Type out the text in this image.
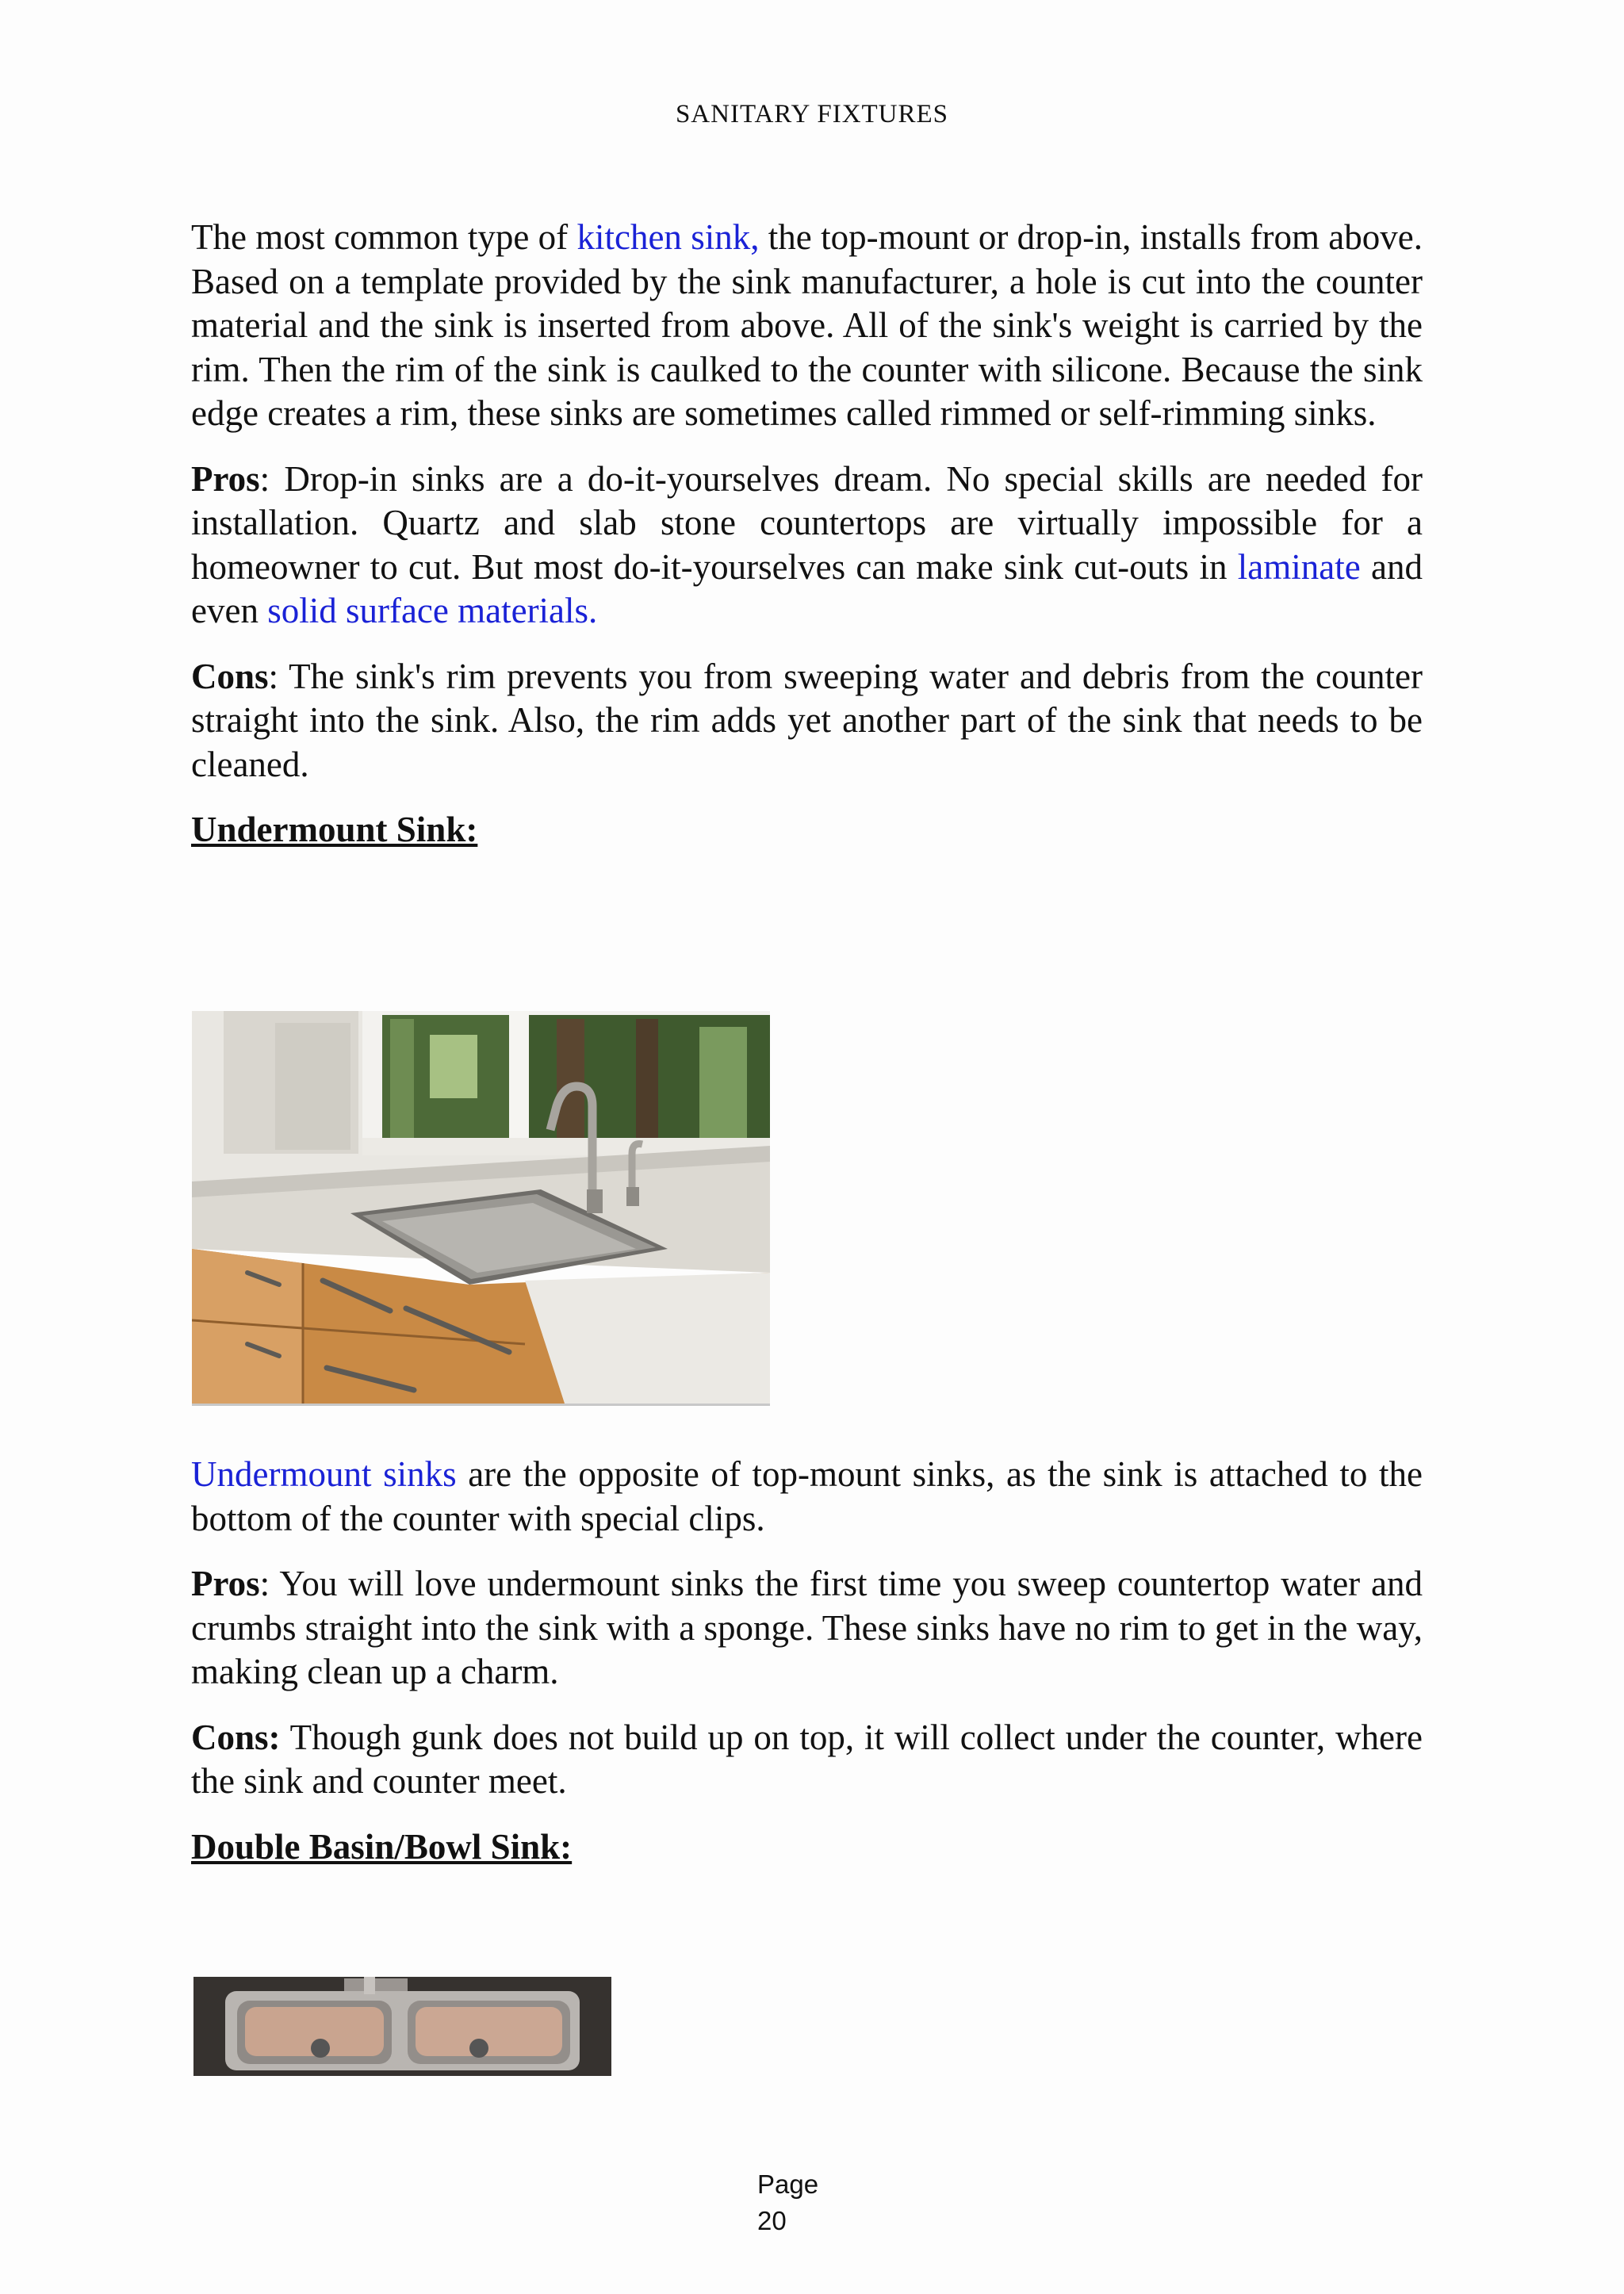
SANITARY FIXTURES

The most common type of kitchen sink, the top-mount or drop-in, installs from above. Based on a template provided by the sink manufacturer, a hole is cut into the counter material and the sink is inserted from above. All of the sink's weight is carried by the rim. Then the rim of the sink is caulked to the counter with silicone. Because the sink edge creates a rim, these sinks are sometimes called rimmed or self-rimming sinks.

Pros: Drop-in sinks are a do-it-yourselves dream. No special skills are needed for installation. Quartz and slab stone countertops are virtually impossible for a homeowner to cut. But most do-it-yourselves can make sink cut-outs in laminate and even solid surface materials.

Cons: The sink's rim prevents you from sweeping water and debris from the counter straight into the sink. Also, the rim adds yet another part of the sink that needs to be cleaned.

Undermount Sink:

Undermount sinks are the opposite of top-mount sinks, as the sink is attached to the bottom of the counter with special clips.

Pros: You will love undermount sinks the first time you sweep countertop water and crumbs straight into the sink with a sponge. These sinks have no rim to get in the way, making clean up a charm.

Cons: Though gunk does not build up on top, it will collect under the counter, where the sink and counter meet.

Double Basin/Bowl Sink:
Page
20
